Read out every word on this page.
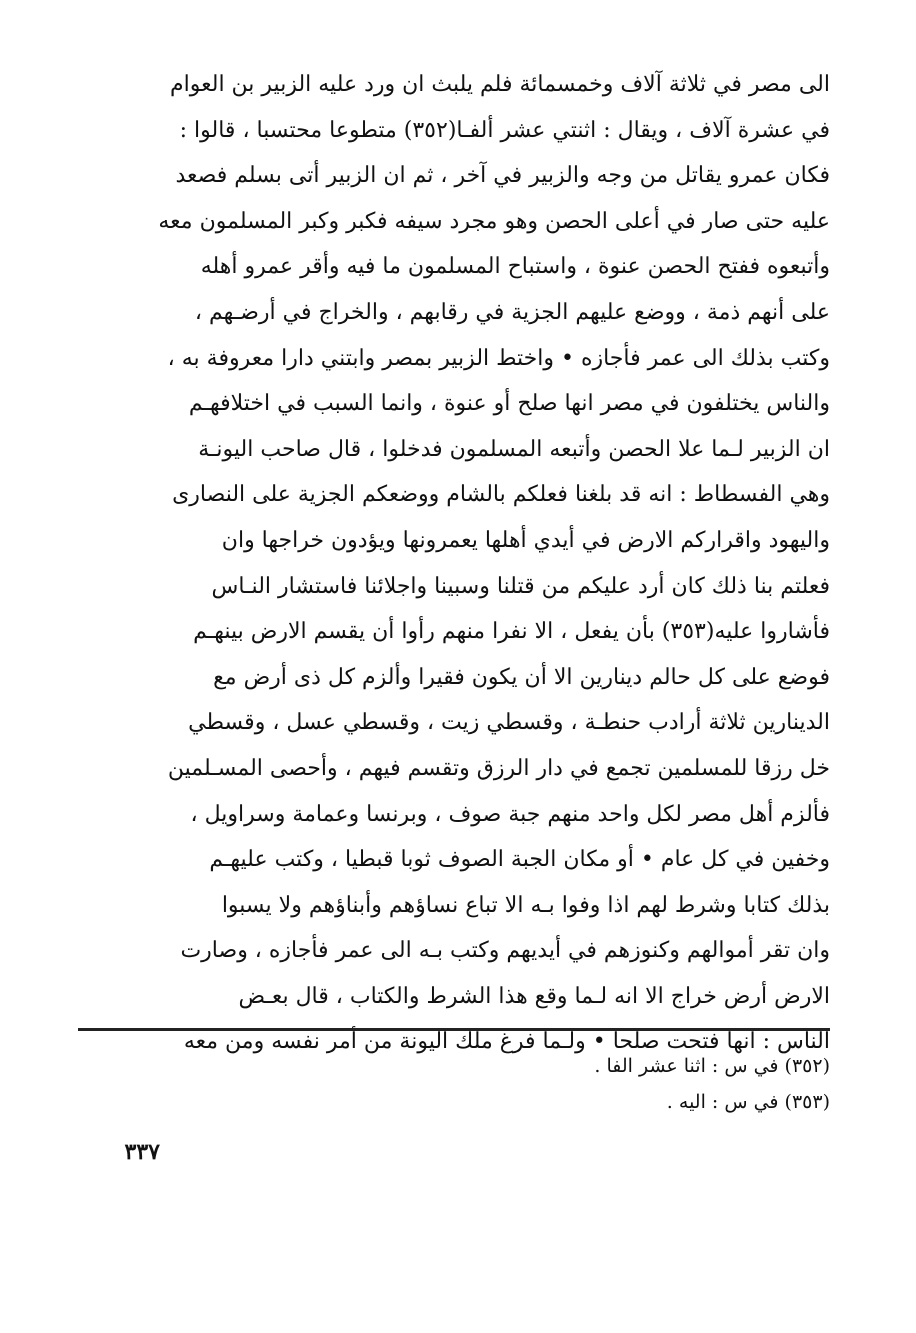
الى مصر في ثلاثة آلاف وخمسمائة فلم يلبث ان ورد عليه الزبير بن العوام
في عشرة آلاف ، ويقال : اثنتي عشر ألفـا(٣٥٢) متطوعا محتسبا ، قالوا :
فكان عمرو يقاتل من وجه والزبير في آخر ، ثم ان الزبير أتى بسلم فصعد
عليه حتى صار في أعلى الحصن وهو مجرد سيفه فكبر وكبر المسلمون معه
وأتبعوه ففتح الحصن عنوة ، واستباح المسلمون ما فيه وأقر عمرو أهله
على أنهم ذمة ، ووضع عليهم الجزية في رقابهم ، والخراج في أرضـهم ،
وكتب بذلك الى عمر فأجازه • واختط الزبير بمصر وابتني دارا معروفة به ،
والناس يختلفون في مصر انها صلح أو عنوة ، وانما السبب في اختلافهـم
ان الزبير لـما علا الحصن وأتبعه المسلمون فدخلوا ، قال صاحب اليونـة
وهي الفسطاط : انه قد بلغنا فعلكم بالشام ووضعكم الجزية على النصارى
واليهود واقراركم الارض في أيدي أهلها يعمرونها ويؤدون خراجها وان
فعلتم بنا ذلك كان أرد عليكم من قتلنا وسبينا واجلائنا فاستشار النـاس
فأشاروا عليه(٣٥٣) بأن يفعل ، الا نفرا منهم رأوا أن يقسم الارض بينهـم
فوضع على كل حالم دينارين الا أن يكون فقيرا وألزم كل ذى أرض مع
الدينارين ثلاثة أرادب حنطـة ، وقسطي زيت ، وقسطي عسل ، وقسطي
خل رزقا للمسلمين تجمع في دار الرزق وتقسم فيهم ، وأحصى المسـلمين
فألزم أهل مصر لكل واحد منهم جبة صوف ، وبرنسا وعمامة وسراويل ،
وخفين في كل عام • أو مكان الجبة الصوف ثوبا قبطيا ، وكتب عليهـم
بذلك كتابا وشرط لهم اذا وفوا بـه الا تباع نساؤهم وأبناؤهم ولا يسبوا
وان تقر أموالهم وكنوزهم في أيديهم وكتب بـه الى عمر فأجازه ، وصارت
الارض أرض خراج الا انه لـما وقع هذا الشرط والكتاب ، قال بعـض
الناس : انها فتحت صلحا • ولـما فرغ ملك اليونة من أمر نفسه ومن معه
(٣٥٢) في س : اثنا عشر الفا .
(٣٥٣) في س : اليه .
٣٣٧
